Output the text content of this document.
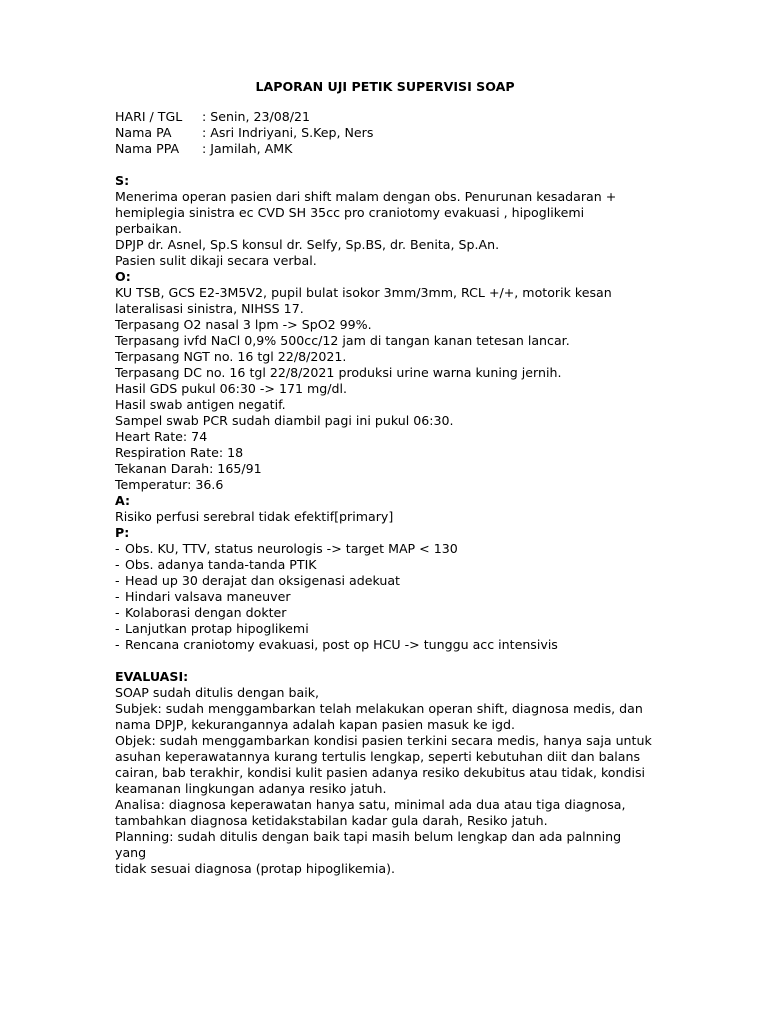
LAPORAN UJI PETIK SUPERVISI SOAP
HARI / TGL	: Senin, 23/08/21
Nama PA	: Asri Indriyani, S.Kep, Ners
Nama PPA	: Jamilah, AMK
S:
Menerima operan pasien dari shift malam dengan obs. Penurunan kesadaran +
hemiplegia sinistra ec CVD SH 35cc pro craniotomy evakuasi , hipoglikemi perbaikan.
DPJP dr. Asnel, Sp.S konsul dr. Selfy, Sp.BS, dr. Benita, Sp.An.
Pasien sulit dikaji secara verbal.
O:
KU TSB, GCS E2-3M5V2, pupil bulat isokor 3mm/3mm, RCL +/+, motorik kesan
lateralisasi sinistra, NIHSS 17.
Terpasang O2 nasal 3 lpm -> SpO2 99%.
Terpasang ivfd NaCl 0,9% 500cc/12 jam di tangan kanan tetesan lancar.
Terpasang NGT no. 16 tgl 22/8/2021.
Terpasang DC no. 16 tgl 22/8/2021 produksi urine warna kuning jernih.
Hasil GDS pukul 06:30 -> 171 mg/dl.
Hasil swab antigen negatif.
Sampel swab PCR sudah diambil pagi ini pukul 06:30.
Heart Rate: 74
Respiration Rate: 18
Tekanan Darah: 165/91
Temperatur: 36.6
A:
Risiko perfusi serebral tidak efektif[primary]
P:
- Obs. KU, TTV, status neurologis -> target MAP < 130
- Obs. adanya tanda-tanda PTIK
- Head up 30 derajat dan oksigenasi adekuat
- Hindari valsava maneuver
- Kolaborasi dengan dokter
- Lanjutkan protap hipoglikemi
- Rencana craniotomy evakuasi, post op HCU -> tunggu acc intensivis
EVALUASI:
SOAP sudah ditulis dengan baik,
Subjek: sudah menggambarkan telah melakukan operan shift, diagnosa medis, dan
nama DPJP, kekurangannya adalah kapan pasien masuk ke igd.
Objek: sudah menggambarkan kondisi pasien terkini secara medis, hanya saja untuk
asuhan keperawatannya kurang tertulis lengkap, seperti kebutuhan diit dan balans
cairan, bab terakhir, kondisi kulit pasien adanya resiko dekubitus atau tidak, kondisi
keamanan lingkungan adanya resiko jatuh.
Analisa: diagnosa keperawatan hanya satu, minimal ada dua atau tiga diagnosa,
tambahkan diagnosa ketidakstabilan kadar gula darah, Resiko jatuh.
Planning: sudah ditulis dengan baik tapi masih belum lengkap dan ada palnning yang
tidak sesuai diagnosa (protap hipoglikemia).
